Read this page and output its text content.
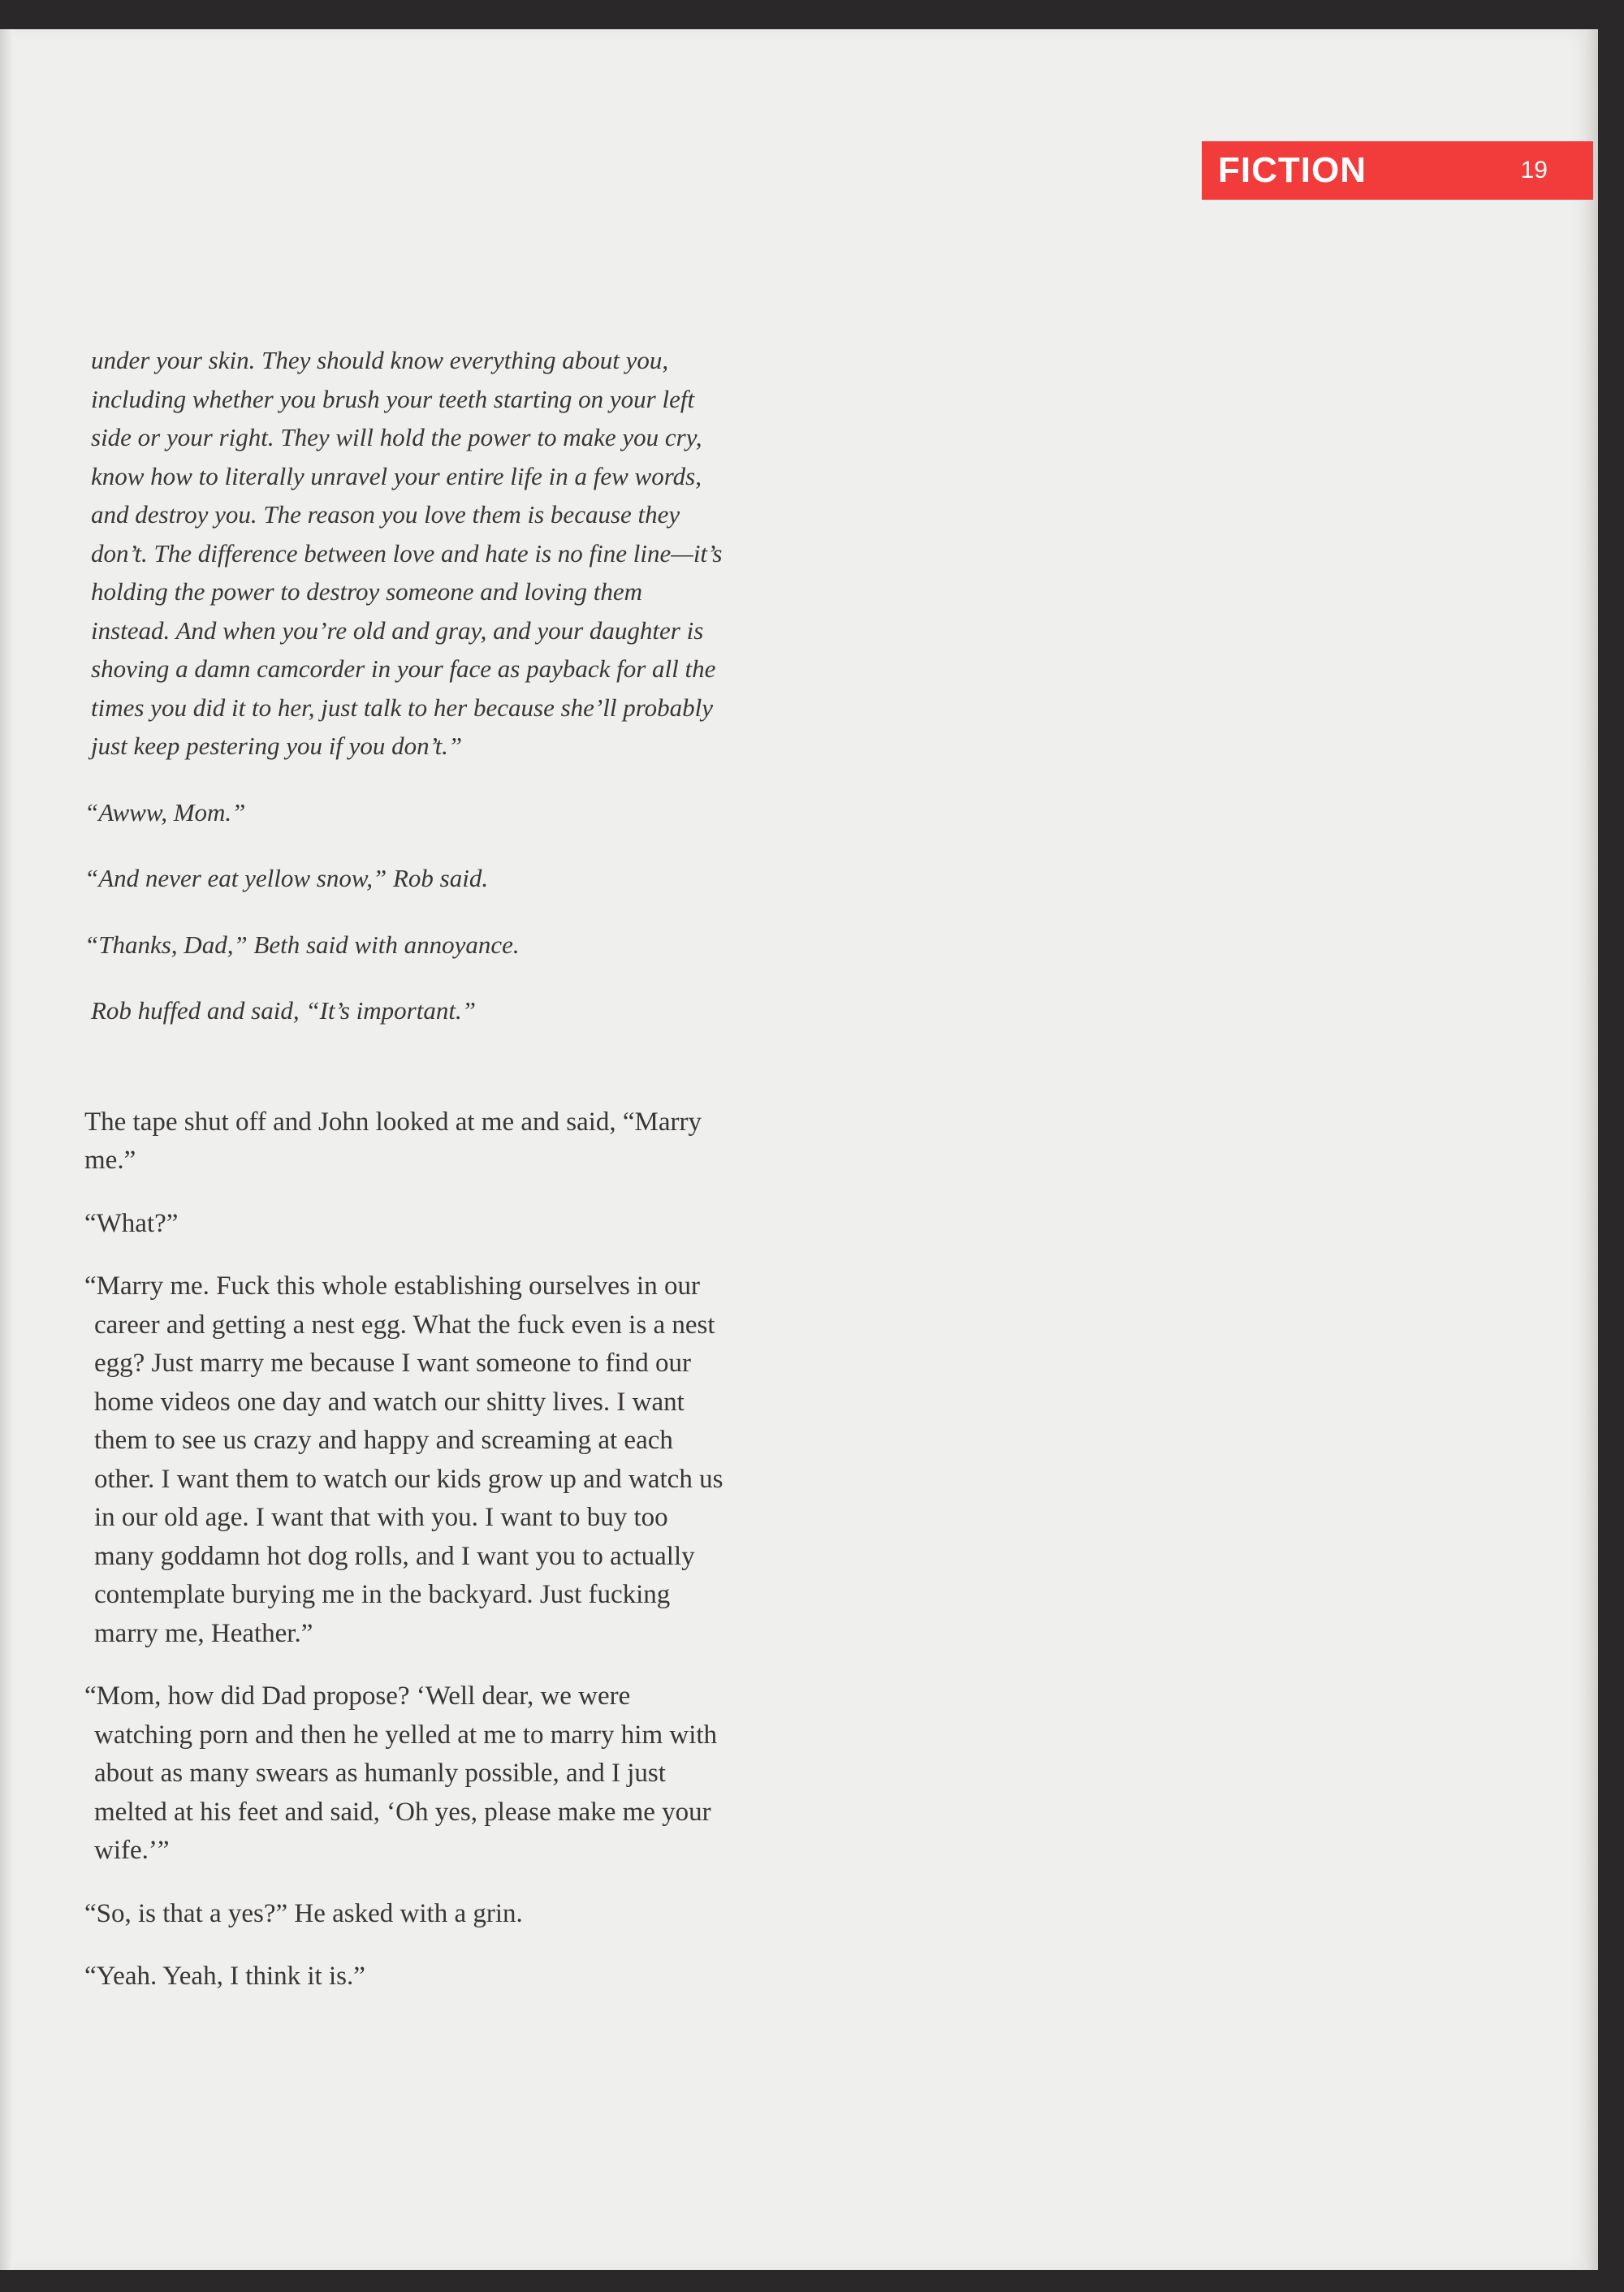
FICTION	19

under your skin. They should know everything about you, including whether you brush your teeth starting on your left side or your right. They will hold the power to make you cry, know how to literally unravel your entire life in a few words, and destroy you. The reason you love them is because they don’t. The difference between love and hate is no fine line—it’s holding the power to destroy someone and loving them instead. And when you’re old and gray, and your daughter is shoving a damn camcorder in your face as payback for all the times you did it to her, just talk to her because she’ll probably just keep pestering you if you don’t.”

“Awww, Mom.”

“And never eat yellow snow,” Rob said.

“Thanks, Dad,” Beth said with annoyance.

Rob huffed and said, “It’s important.”

The tape shut off and John looked at me and said, “Marry me.”

“What?”

“Marry me. Fuck this whole establishing ourselves in our career and getting a nest egg. What the fuck even is a nest egg? Just marry me because I want someone to find our home videos one day and watch our shitty lives. I want them to see us crazy and happy and screaming at each other. I want them to watch our kids grow up and watch us in our old age. I want that with you. I want to buy too many goddamn hot dog rolls, and I want you to actually contemplate burying me in the backyard. Just fucking marry me, Heather.”

“Mom, how did Dad propose? ‘Well dear, we were watching porn and then he yelled at me to marry him with about as many swears as humanly possible, and I just melted at his feet and said, ‘Oh yes, please make me your wife.’”

“So, is that a yes?” He asked with a grin.

“Yeah. Yeah, I think it is.”
